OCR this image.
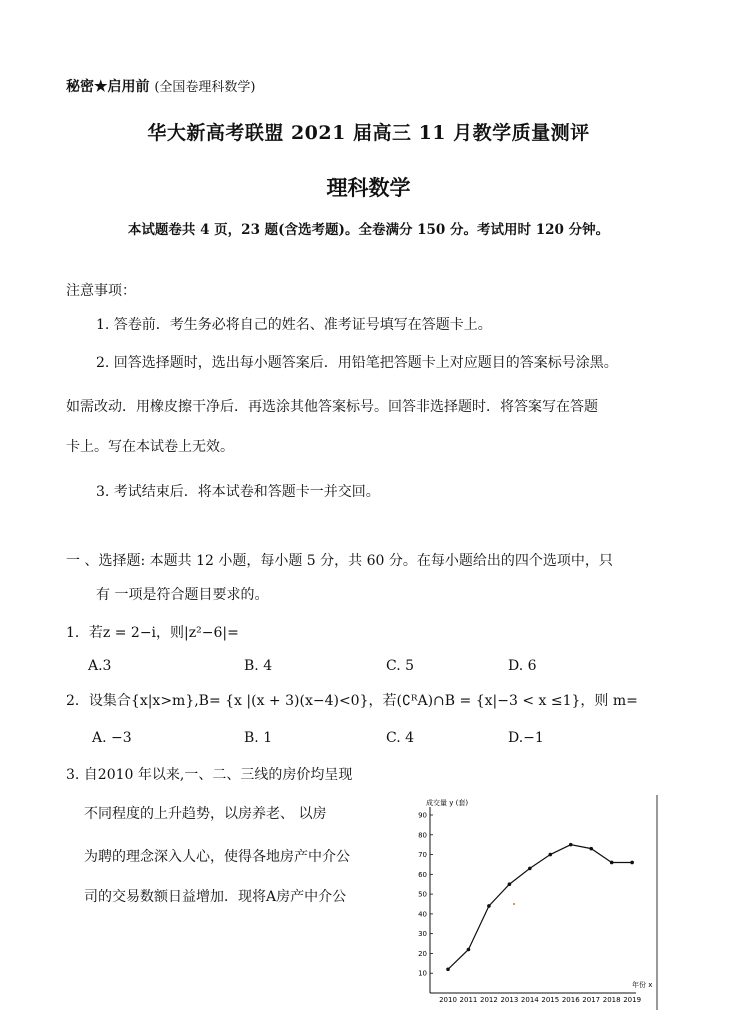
秘密★启用前 (全国卷理科数学)
华大新高考联盟 2021 届高三 11 月教学质量测评
理科数学
本试题卷共 4 页，23 题(含选考题)。全卷满分 150 分。考试用时 120 分钟。
注意事项：
1. 答卷前．考生务必将自己的姓名、准考证号填写在答题卡上。
2. 回答选择题时，选出每小题答案后．用铅笔把答题卡上对应题目的答案标号涂黑。
如需改动．用橡皮擦干净后．再选涂其他答案标号。回答非选择题时．将答案写在答题
卡上。写在本试卷上无效。
3. 考试结束后．将本试卷和答题卡一并交回。
一 、选择题: 本题共 12 小题，每小题 5 分，共 60 分。在每小题给出的四个选项中，只
有 一项是符合题目要求的。
1．若z = 2−i，则|z²−6|=
A.3	B. 4	C. 5	D. 6
2．设集合{x|x>m},B= {x |(x + 3)(x−4)<0}，若(∁ᴿA)∩B = {x|−3 < x ≤1}，则 m=
A. −3	B. 1	C. 4	D.−1
3. 自2010 年以来,一、二、三线的房价均呈现
不同程度的上升趋势，以房养老、 以房
为聘的理念深入人心，使得各地房产中介公
司的交易数额日益增加．现将A房产中介公
成交量 y (套)
年份 x
10
20
30
40
50
60
70
80
90
2010 2011 2012 2013 2014 2015 2016 2017 2018 2019
